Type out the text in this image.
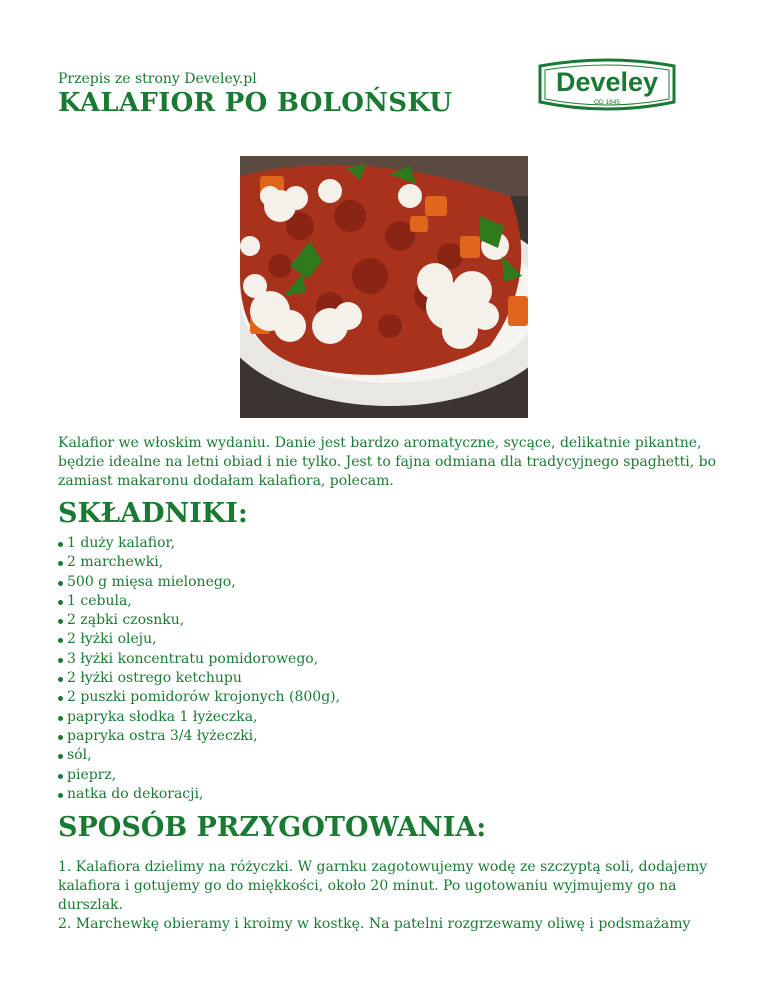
Przepis ze strony Develey.pl
KALAFIOR PO BOLOŃSKU
Develey
OD 1845

Kalafior we włoskim wydaniu. Danie jest bardzo aromatyczne, sycące, delikatnie pikantne, będzie idealne na letni obiad i nie tylko. Jest to fajna odmiana dla tradycyjnego spaghetti, bo zamiast makaronu dodałam kalafiora, polecam.

SKŁADNIKI:
1 duży kalafior,
2 marchewki,
500 g mięsa mielonego,
1 cebula,
2 ząbki czosnku,
2 łyżki oleju,
3 łyżki koncentratu pomidorowego,
2 łyżki ostrego ketchupu
2 puszki pomidorów krojonych (800g),
papryka słodka 1 łyżeczka,
papryka ostra 3/4 łyżeczki,
sól,
pieprz,
natka do dekoracji,
SPOSÓB PRZYGOTOWANIA:

1. Kalafiora dzielimy na różyczki. W garnku zagotowujemy wodę ze szczyptą soli, dodajemy kalafiora i gotujemy go do miękkości, około 20 minut. Po ugotowaniu wyjmujemy go na durszlak.

2. Marchewkę obieramy i kroimy w kostkę. Na patelni rozgrzewamy oliwę i podsmażamy
